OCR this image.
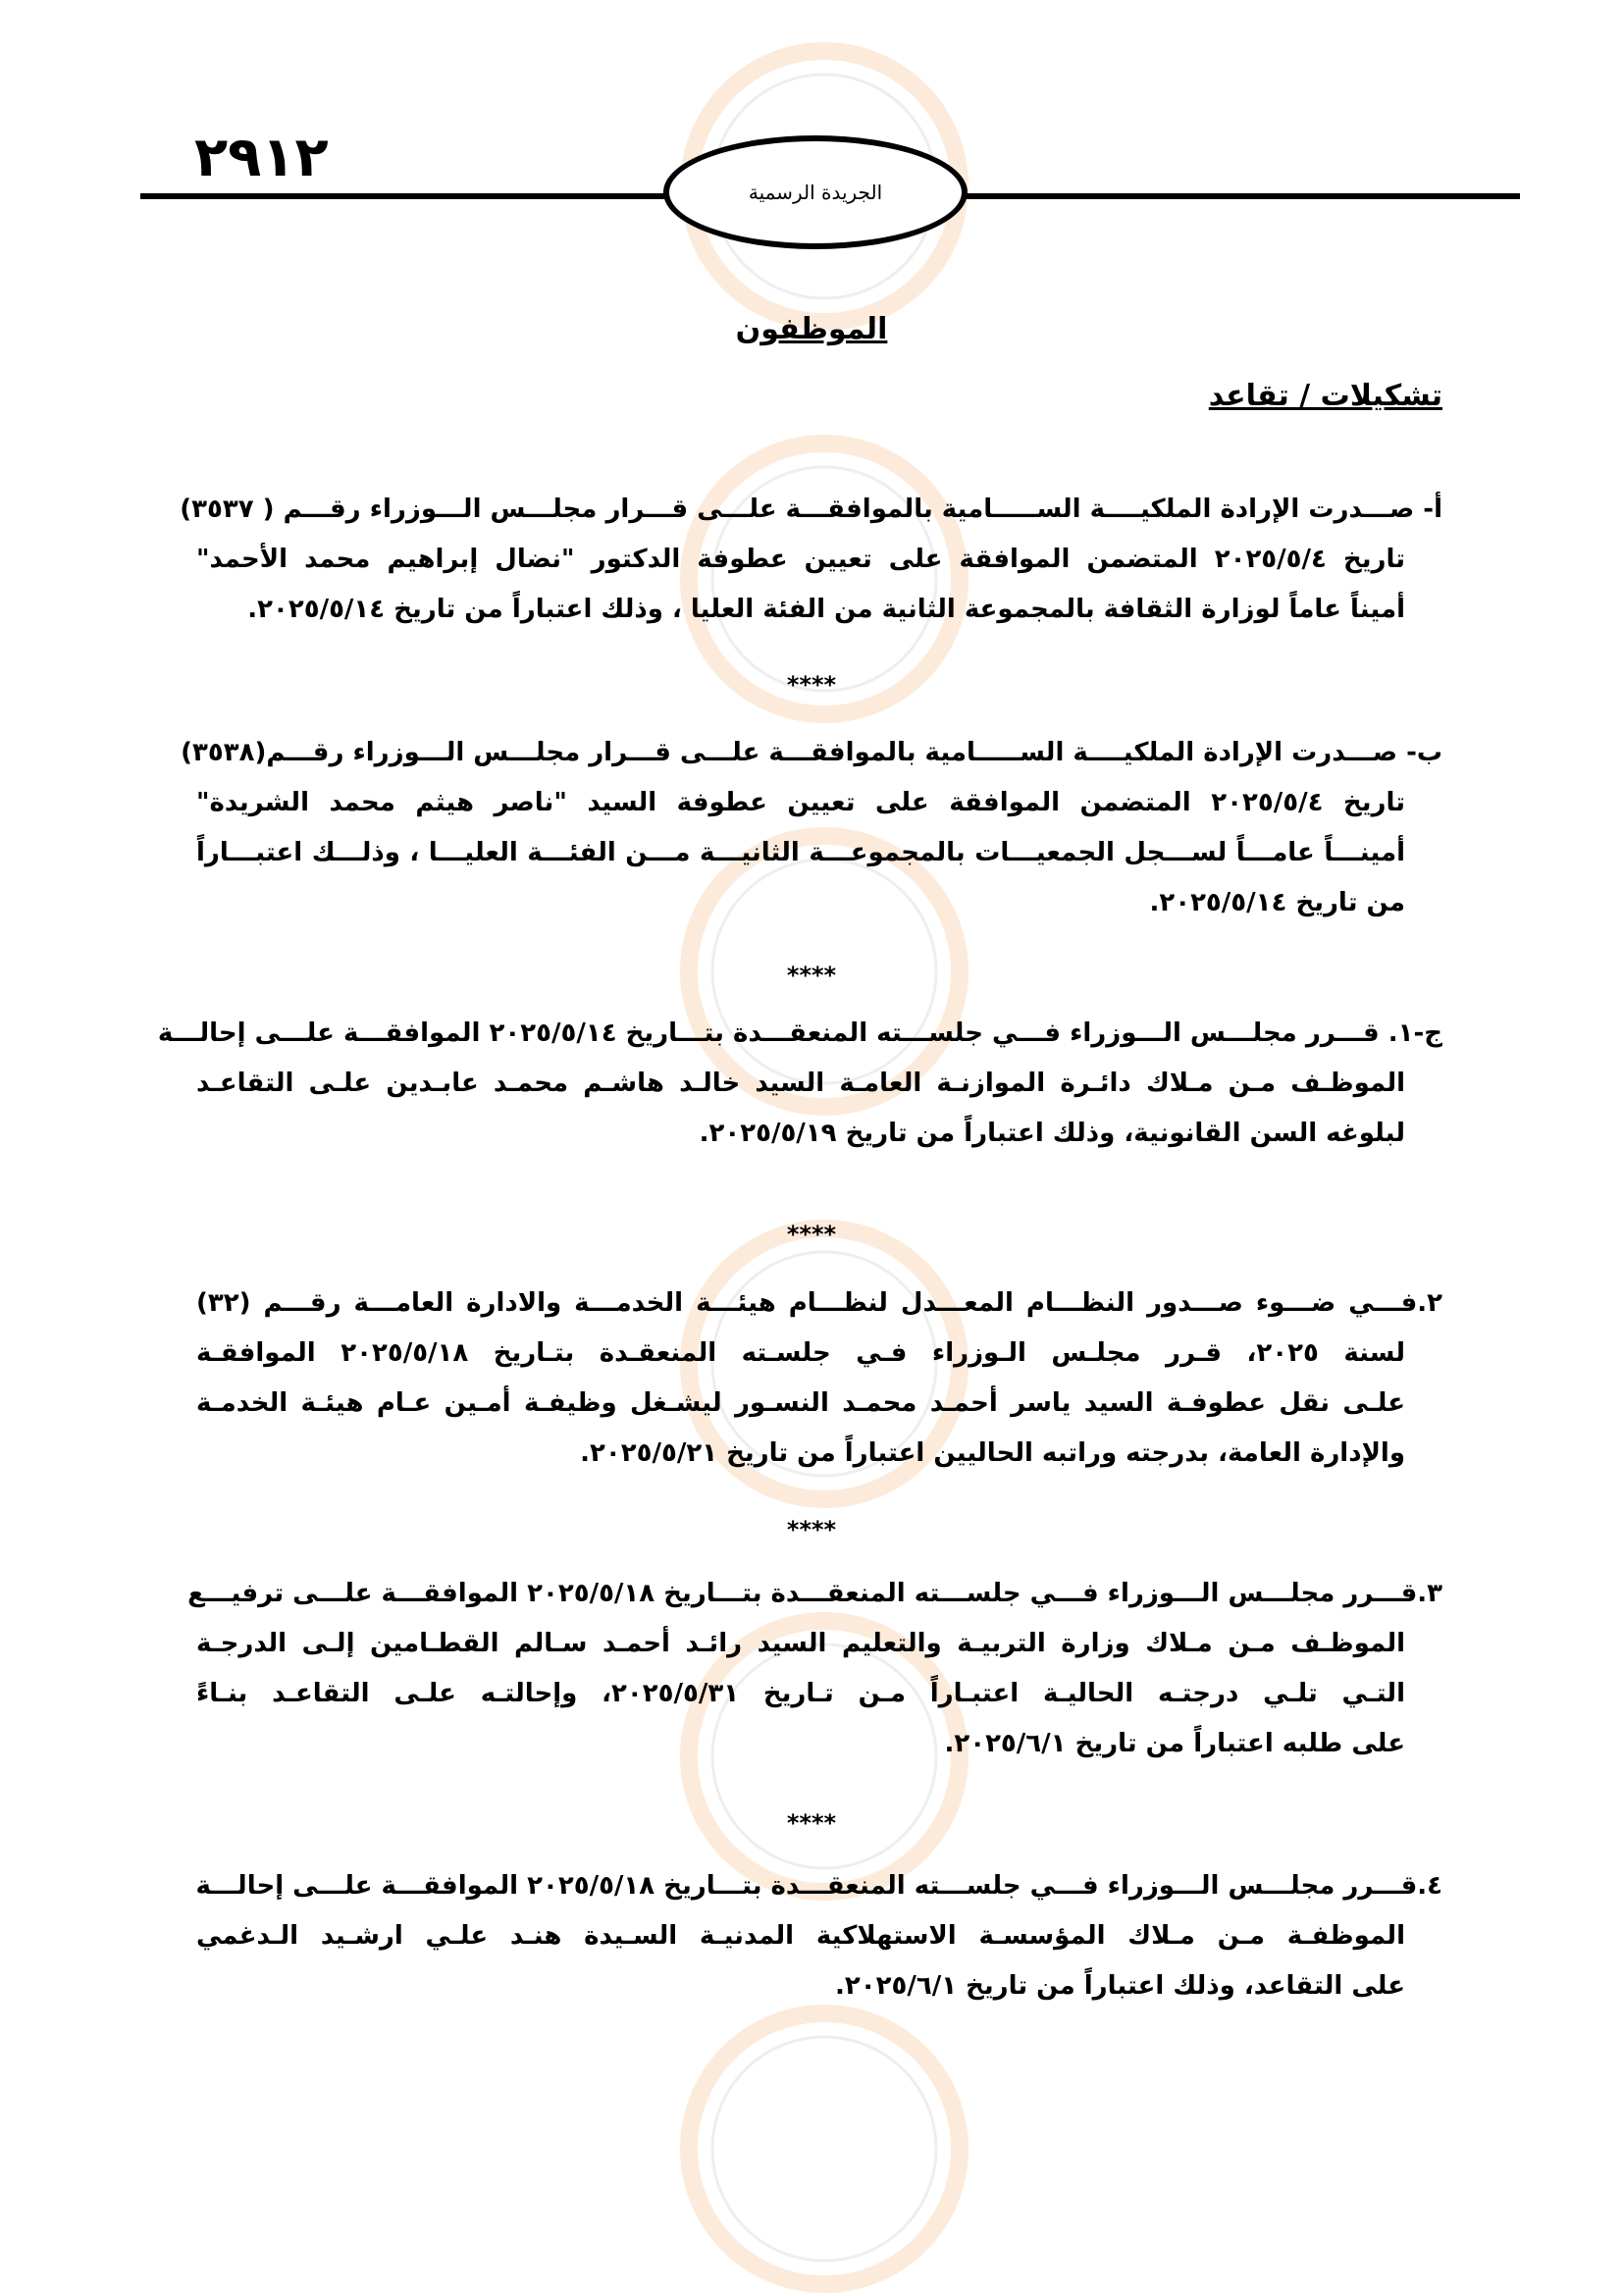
٢٩١٢
الجريدة الرسمية
الموظفون
تشكيلات / تقاعد
أ- صـــدرت الإرادة الملكيــــة الســـــامية بالموافقـــة علـــى قـــرار مجلـــس الـــوزراء رقـــم ( ٣٥٣٧)
تاريخ ٢٠٢٥/٥/٤ المتضمن الموافقة على تعيين عطوفة الدكتور "نضال إبراهيم محمد الأحمد"
أميناً عاماً لوزارة الثقافة بالمجموعة الثانية من الفئة العليا ، وذلك اعتباراً من تاريخ ٢٠٢٥/٥/١٤.
****
ب- صـــدرت الإرادة الملكيــــة الســـــامية بالموافقـــة علـــى قـــرار مجلـــس الـــوزراء رقـــم(٣٥٣٨)
تاريخ ٢٠٢٥/٥/٤ المتضمن الموافقة على تعيين عطوفة السيد "ناصر هيثم محمد الشريدة"
أمينـــاً عامـــاً لســـجل الجمعيـــات بالمجموعـــة الثانيـــة مـــن الفئـــة العليـــا ، وذلـــك اعتبـــاراً
من تاريخ ٢٠٢٥/٥/١٤.
****
ج-١. قـــرر مجلـــس الـــوزراء فـــي جلســـته المنعقـــدة بتـــاريخ ٢٠٢٥/٥/١٤ الموافقـــة علـــى إحالـــة
الموظـف مـن مـلاك دائـرة الموازنـة العامـة السيد خالـد هاشـم محمـد عابـدين علـى التقاعـد
لبلوغه السن القانونية، وذلك اعتباراً من تاريخ ٢٠٢٥/٥/١٩.
****
٢.فـــي ضـــوء صـــدور النظـــام المعـــدل لنظـــام هيئـــة الخدمـــة والادارة العامـــة رقـــم (٣٢)
لسنة ٢٠٢٥، قـرر مجلـس الـوزراء فـي جلسـته المنعقـدة بتـاريخ ٢٠٢٥/٥/١٨ الموافقـة
علـى نقل عطوفـة السيد ياسر أحمـد محمـد النسـور ليشـغل وظيفـة أمـين عـام هيئـة الخدمـة
والإدارة العامة، بدرجته وراتبه الحاليين اعتباراً من تاريخ ٢٠٢٥/٥/٢١.
****
٣.قـــرر مجلـــس الـــوزراء فـــي جلســـته المنعقـــدة بتـــاريخ ٢٠٢٥/٥/١٨ الموافقـــة علـــى ترفيـــع
الموظـف مـن مـلاك وزارة التربيـة والتعليم السيد رائـد أحمـد سـالم القطـامين إلـى الدرجـة
التـي تلـي درجتـه الحاليـة اعتبـاراً مـن تـاريخ ٢٠٢٥/٥/٣١، وإحالتـه علـى التقاعـد بنـاءً
على طلبه اعتباراً من تاريخ ٢٠٢٥/٦/١.
****
٤.قـــرر مجلـــس الـــوزراء فـــي جلســـته المنعقـــدة بتـــاريخ ٢٠٢٥/٥/١٨ الموافقـــة علـــى إحالـــة
الموظفـة مـن مـلاك المؤسسـة الاستهلاكية المدنيـة السـيدة هنـد علـي ارشـيد الـدغمي
على التقاعد، وذلك اعتباراً من تاريخ ٢٠٢٥/٦/١.
